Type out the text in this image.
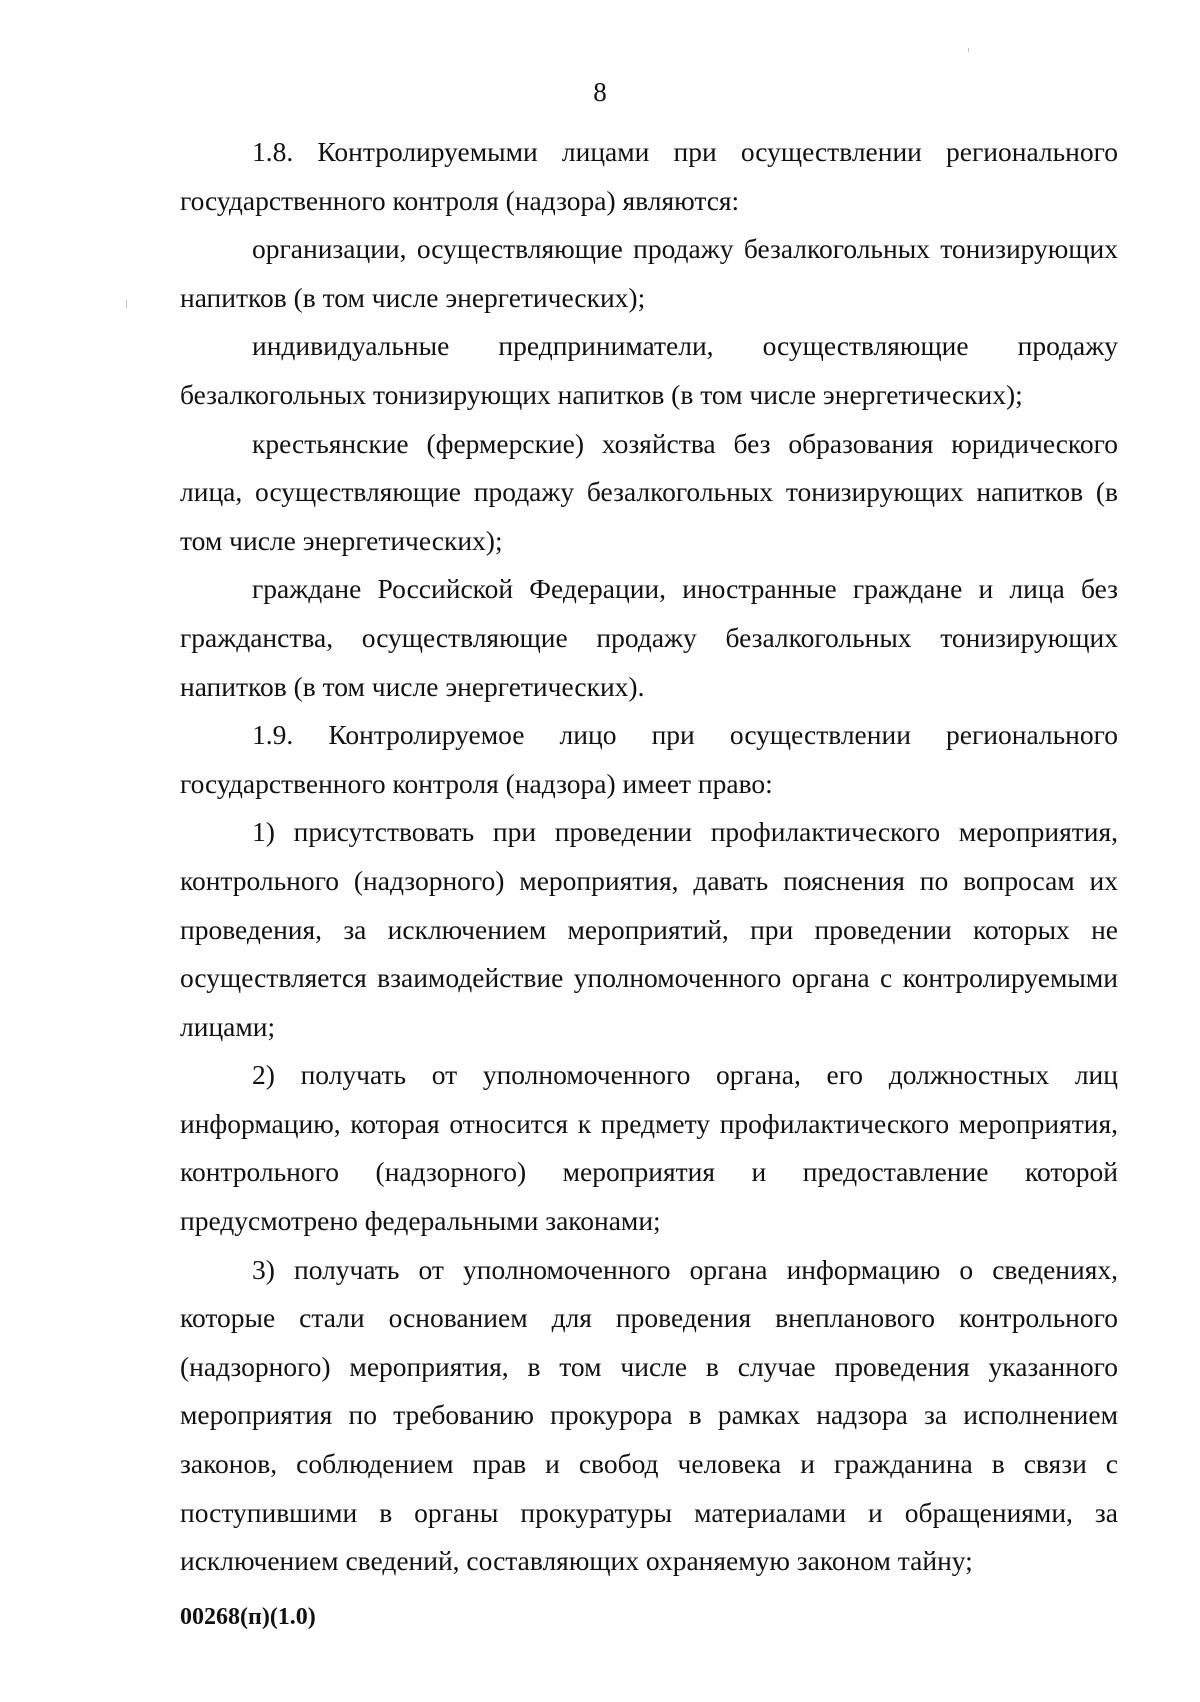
8

1.8. Контролируемыми лицами при осуществлении регионального государственного контроля (надзора) являются:

организации, осуществляющие продажу безалкогольных тонизирующих напитков (в том числе энергетических);

индивидуальные предприниматели, осуществляющие продажу безалкогольных тонизирующих напитков (в том числе энергетических);

крестьянские (фермерские) хозяйства без образования юридического лица, осуществляющие продажу безалкогольных тонизирующих напитков (в том числе энергетических);

граждане Российской Федерации, иностранные граждане и лица без гражданства, осуществляющие продажу безалкогольных тонизирующих напитков (в том числе энергетических).

1.9. Контролируемое лицо при осуществлении регионального государственного контроля (надзора) имеет право:

1) присутствовать при проведении профилактического мероприятия, контрольного (надзорного) мероприятия, давать пояснения по вопросам их проведения, за исключением мероприятий, при проведении которых не осуществляется взаимодействие уполномоченного органа с контролируемыми лицами;

2) получать от уполномоченного органа, его должностных лиц информацию, которая относится к предмету профилактического мероприятия, контрольного (надзорного) мероприятия и предоставление которой предусмотрено федеральными законами;

3) получать от уполномоченного органа информацию о сведениях, которые стали основанием для проведения внепланового контрольного (надзорного) мероприятия, в том числе в случае проведения указанного мероприятия по требованию прокурора в рамках надзора за исполнением законов, соблюдением прав и свобод человека и гражданина в связи с поступившими в органы прокуратуры материалами и обращениями, за исключением сведений, составляющих охраняемую законом тайну;

00268(п)(1.0)
